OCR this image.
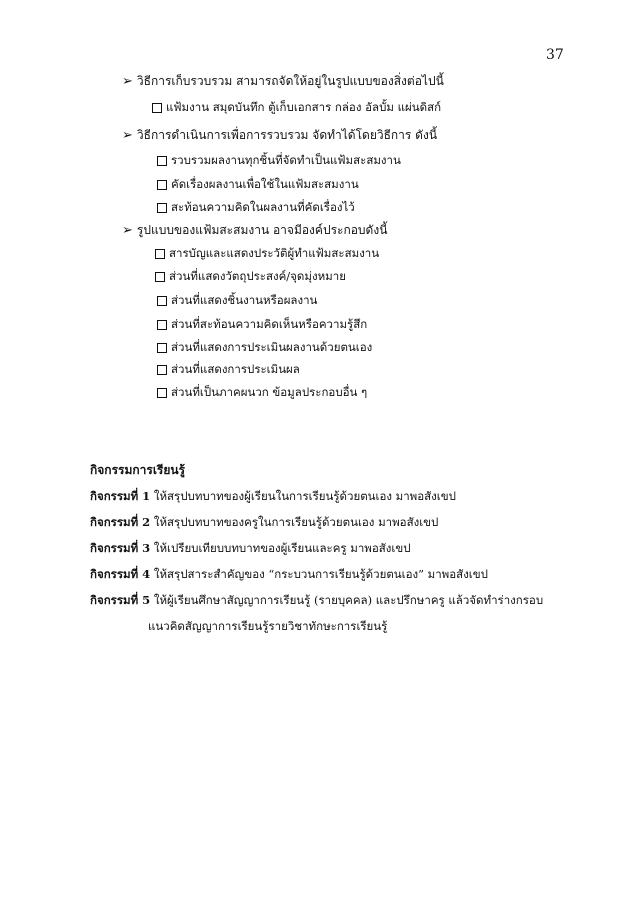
37
➢ วิธีการเก็บรวบรวม สามารถจัดให้อยู่ในรูปแบบของสิ่งต่อไปนี้
แฟ้มงาน สมุดบันทึก ตู้เก็บเอกสาร กล่อง อัลบั้ม แผ่นดิสก์
➢ วิธีการดำเนินการเพื่อการรวบรวม จัดทำได้โดยวิธีการ ดังนี้
รวบรวมผลงานทุกชิ้นที่จัดทำเป็นแฟ้มสะสมงาน
คัดเรื่องผลงานเพื่อใช้ในแฟ้มสะสมงาน
สะท้อนความคิดในผลงานที่คัดเรื่องไว้
➢ รูปแบบของแฟ้มสะสมงาน อาจมีองค์ประกอบดังนี้
สารบัญและแสดงประวัติผู้ทำแฟ้มสะสมงาน
ส่วนที่แสดงวัตถุประสงค์/จุดมุ่งหมาย
ส่วนที่แสดงชิ้นงานหรือผลงาน
ส่วนที่สะท้อนความคิดเห็นหรือความรู้สึก
ส่วนที่แสดงการประเมินผลงานด้วยตนเอง
ส่วนที่แสดงการประเมินผล
ส่วนที่เป็นภาคผนวก ข้อมูลประกอบอื่น ๆ
กิจกรรมการเรียนรู้
กิจกรรมที่ 1 ให้สรุปบทบาทของผู้เรียนในการเรียนรู้ด้วยตนเอง มาพอสังเขป
กิจกรรมที่ 2 ให้สรุปบทบาทของครูในการเรียนรู้ด้วยตนเอง มาพอสังเขป
กิจกรรมที่ 3 ให้เปรียบเทียบบทบาทของผู้เรียนและครู มาพอสังเขป
กิจกรรมที่ 4 ให้สรุปสาระสำคัญของ “กระบวนการเรียนรู้ด้วยตนเอง” มาพอสังเขป
กิจกรรมที่ 5 ให้ผู้เรียนศึกษาสัญญาการเรียนรู้ (รายบุคคล) และปรึกษาครู แล้วจัดทำร่างกรอบ
แนวคิดสัญญาการเรียนรู้รายวิชาทักษะการเรียนรู้
